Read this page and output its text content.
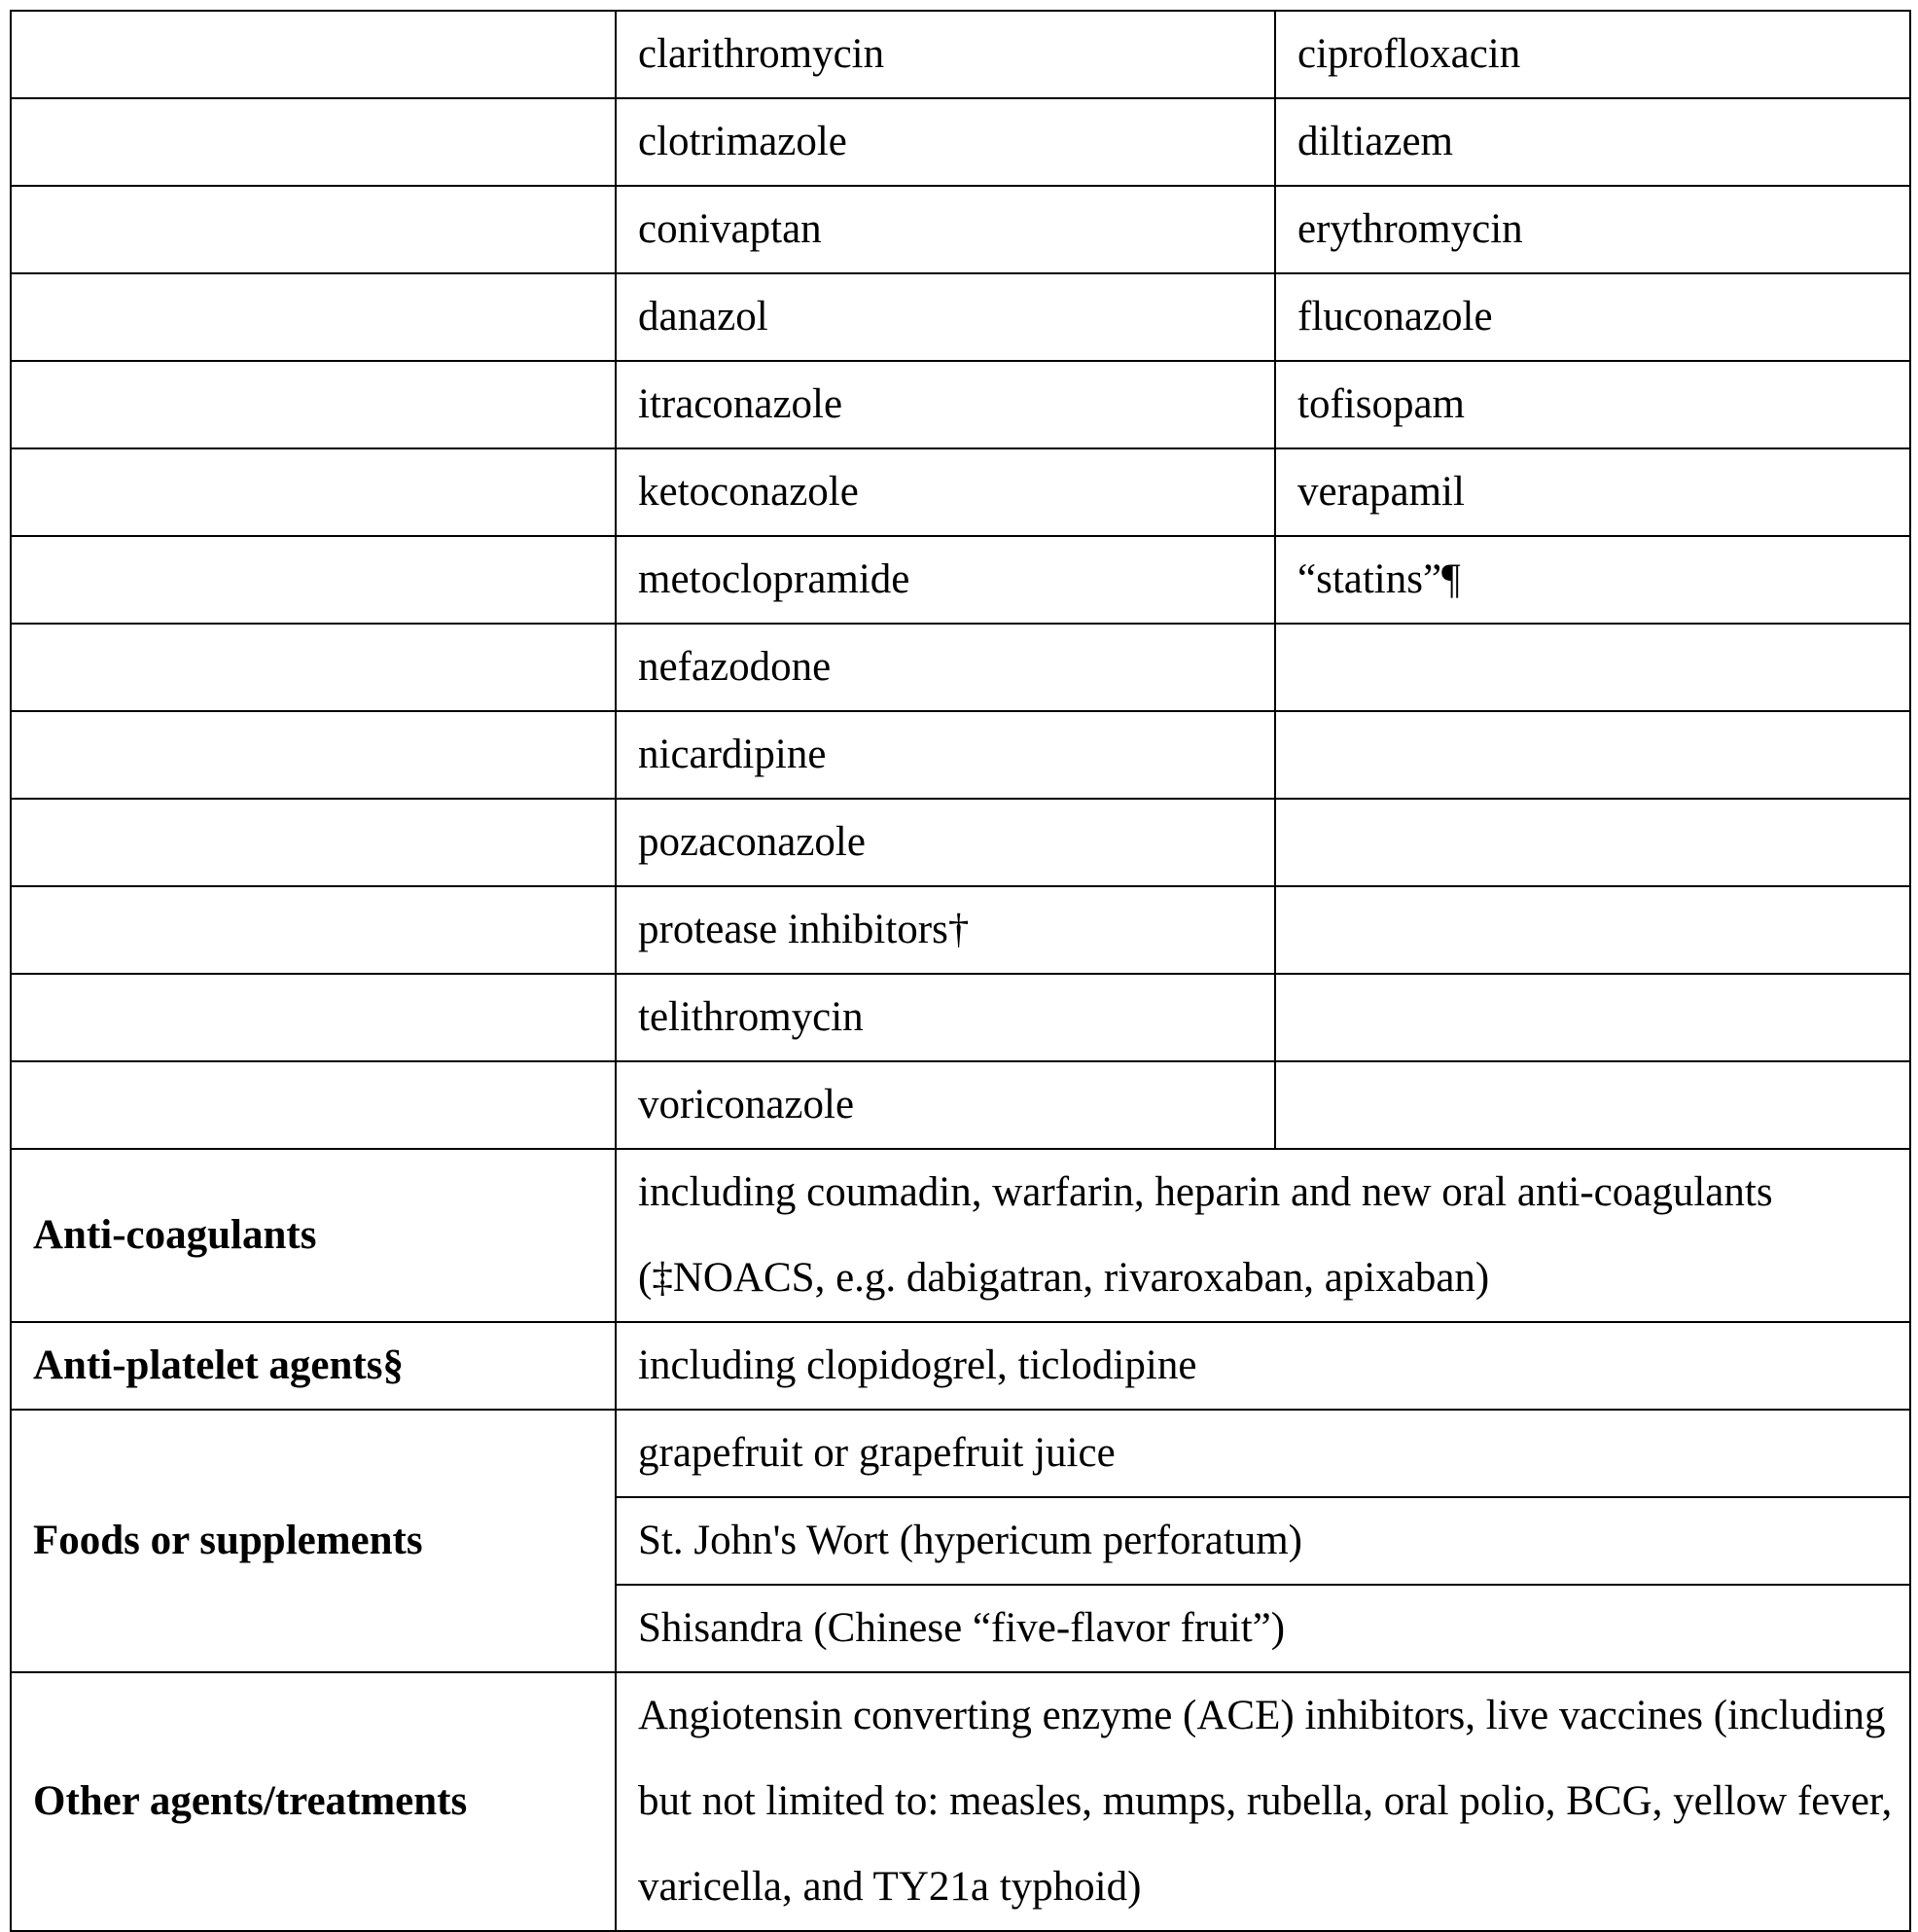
	clarithromycin	ciprofloxacin
	clotrimazole	diltiazem
	conivaptan	erythromycin
	danazol	fluconazole
	itraconazole	tofisopam
	ketoconazole	verapamil
	metoclopramide	“statins”¶
	nefazodone	
	nicardipine	
	pozaconazole	
	protease inhibitors†	
	telithromycin	
	voriconazole	
Anti-coagulants	including coumadin, warfarin, heparin and new oral anti-coagulants (‡NOACS, e.g. dabigatran, rivaroxaban, apixaban)	
Anti-platelet agents§	including clopidogrel, ticlodipine	
Foods or supplements	grapefruit or grapefruit juice	
	St. John's Wort (hypericum perforatum)	
	Shisandra (Chinese “five-flavor fruit”)	
Other agents/treatments	Angiotensin converting enzyme (ACE) inhibitors, live vaccines (including but not limited to: measles, mumps, rubella, oral polio, BCG, yellow fever, varicella, and TY21a typhoid)	
